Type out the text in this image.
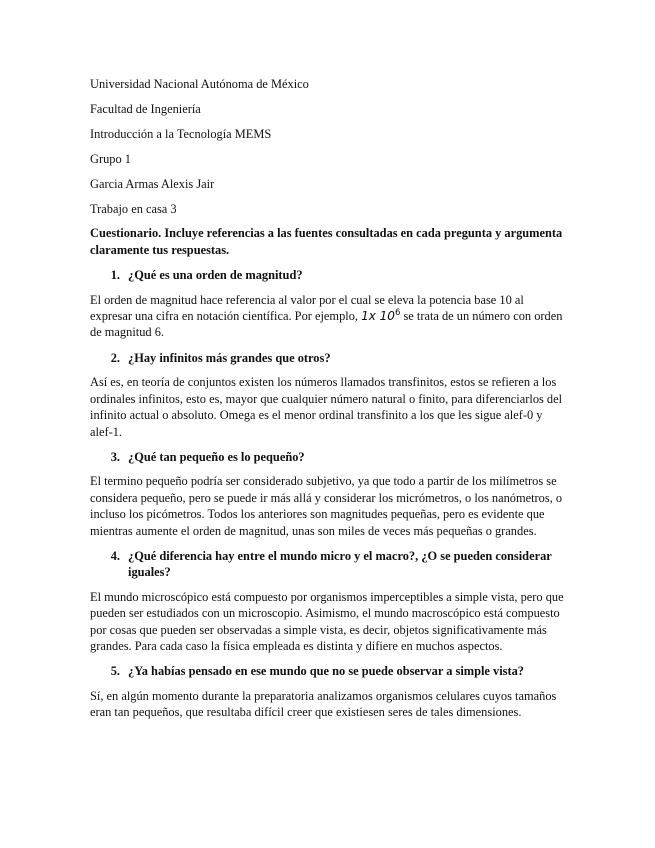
Universidad Nacional Autónoma de México
Facultad de Ingeniería
Introducción a la Tecnología MEMS
Grupo 1
Garcia Armas Alexis Jair
Trabajo en casa 3
Cuestionario. Incluye referencias a las fuentes consultadas en cada pregunta y argumenta claramente tus respuestas.
1. ¿Qué es una orden de magnitud?
El orden de magnitud hace referencia al valor por el cual se eleva la potencia base 10 al expresar una cifra en notación científica. Por ejemplo, 1x $10^6$ se trata de un número con orden de magnitud 6.
2. ¿Hay infinitos más grandes que otros?
Así es, en teoría de conjuntos existen los números llamados transfinitos, estos se refieren a los ordinales infinitos, esto es, mayor que cualquier número natural o finito, para diferenciarlos del infinito actual o absoluto. Omega es el menor ordinal transfinito a los que les sigue alef-0 y alef-1.
3. ¿Qué tan pequeño es lo pequeño?
El termino pequeño podría ser considerado subjetivo, ya que todo a partir de los milímetros se considera pequeño, pero se puede ir más allá y considerar los micrómetros, o los nanómetros, o incluso los picómetros. Todos los anteriores son magnitudes pequeñas, pero es evidente que mientras aumente el orden de magnitud, unas son miles de veces más pequeñas o grandes.
4. ¿Qué diferencia hay entre el mundo micro y el macro?, ¿O se pueden considerar iguales?
El mundo microscópico está compuesto por organismos imperceptibles a simple vista, pero que pueden ser estudiados con un microscopio. Asimismo, el mundo macroscópico está compuesto por cosas que pueden ser observadas a simple vista, es decir, objetos significativamente más grandes. Para cada caso la física empleada es distinta y difiere en muchos aspectos.
5. ¿Ya habías pensado en ese mundo que no se puede observar a simple vista?
Sí, en algún momento durante la preparatoria analizamos organismos celulares cuyos tamaños eran tan pequeños, que resultaba difícil creer que existiesen seres de tales dimensiones.
